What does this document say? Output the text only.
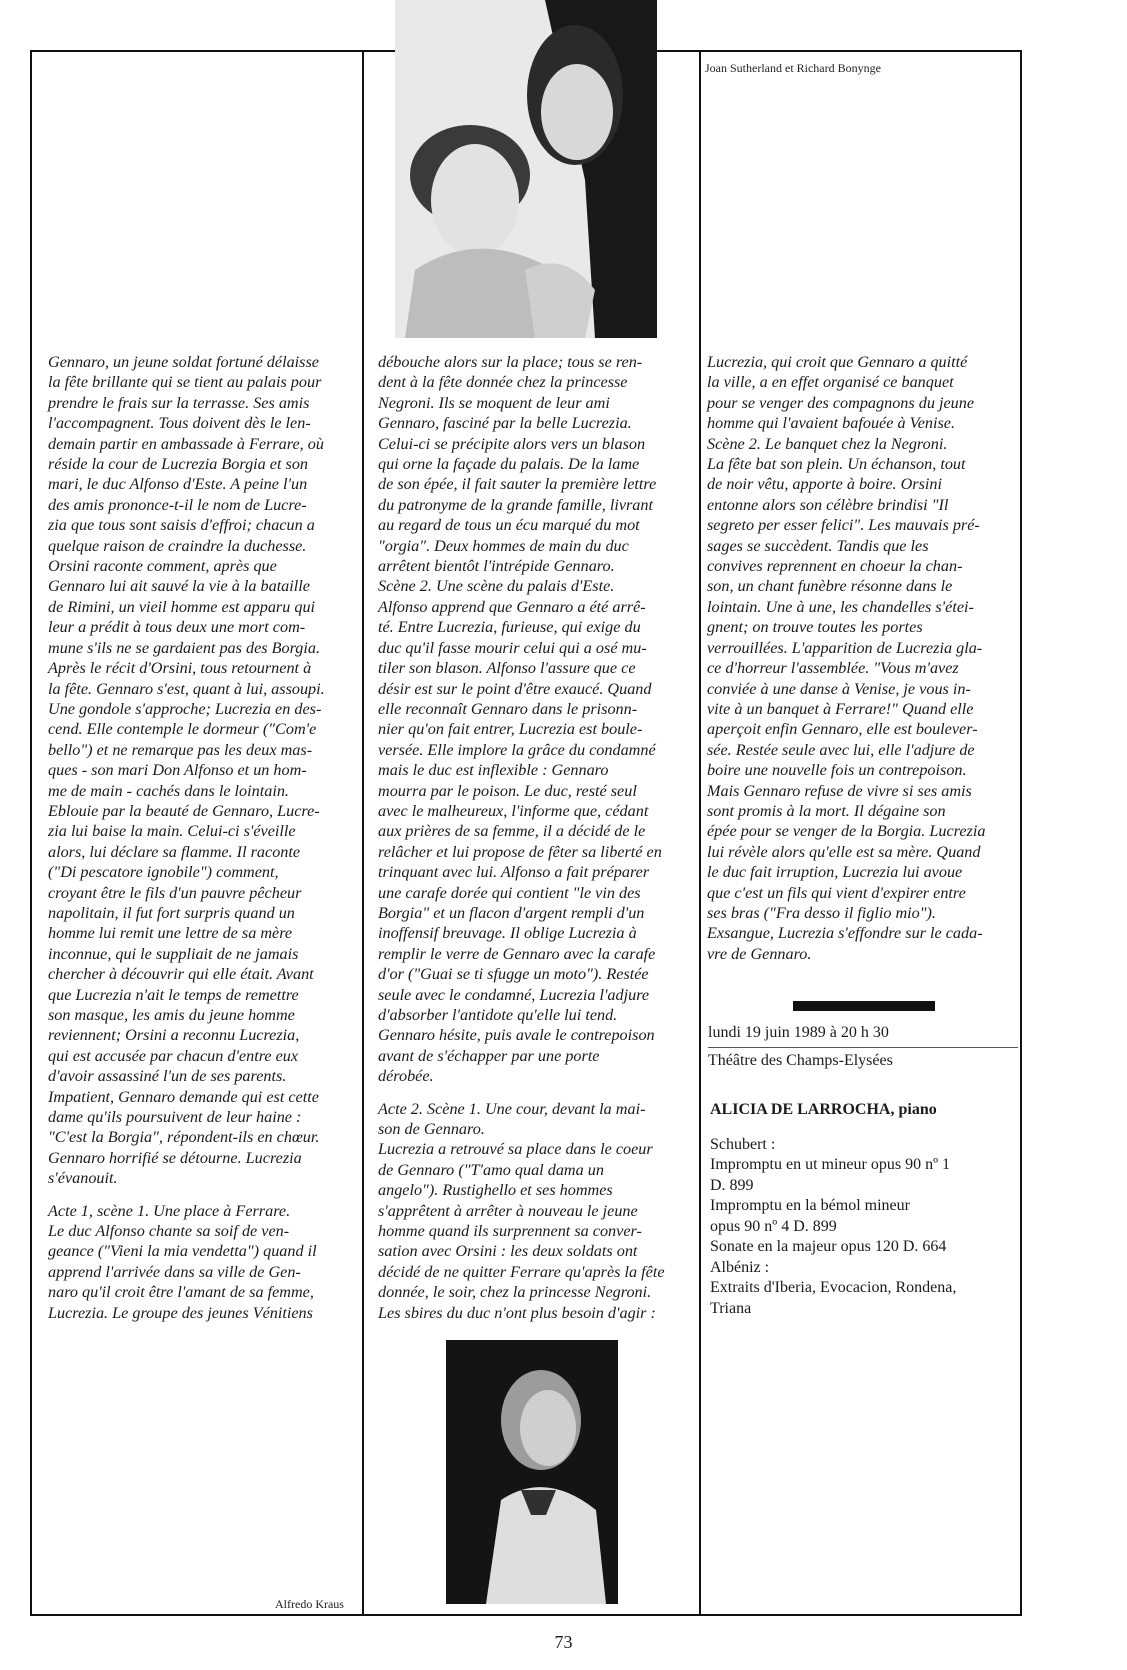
Joan Sutherland et Richard Bonynge

Gennaro, un jeune soldat fortuné délaisse
la fête brillante qui se tient au palais pour
prendre le frais sur la terrasse. Ses amis
l'accompagnent. Tous doivent dès le len-
demain partir en ambassade à Ferrare, où
réside la cour de Lucrezia Borgia et son
mari, le duc Alfonso d'Este. A peine l'un
des amis prononce-t-il le nom de Lucre-
zia que tous sont saisis d'effroi; chacun a
quelque raison de craindre la duchesse.
Orsini raconte comment, après que
Gennaro lui ait sauvé la vie à la bataille
de Rimini, un vieil homme est apparu qui
leur a prédit à tous deux une mort com-
mune s'ils ne se gardaient pas des Borgia.
Après le récit d'Orsini, tous retournent à
la fête. Gennaro s'est, quant à lui, assoupi.
Une gondole s'approche; Lucrezia en des-
cend. Elle contemple le dormeur ("Com'e
bello") et ne remarque pas les deux mas-
ques - son mari Don Alfonso et un hom-
me de main - cachés dans le lointain.
Eblouie par la beauté de Gennaro, Lucre-
zia lui baise la main. Celui-ci s'éveille
alors, lui déclare sa flamme. Il raconte
("Di pescatore ignobile") comment,
croyant être le fils d'un pauvre pêcheur
napolitain, il fut fort surpris quand un
homme lui remit une lettre de sa mère
inconnue, qui le suppliait de ne jamais
chercher à découvrir qui elle était. Avant
que Lucrezia n'ait le temps de remettre
son masque, les amis du jeune homme
reviennent; Orsini a reconnu Lucrezia,
qui est accusée par chacun d'entre eux
d'avoir assassiné l'un de ses parents.
Impatient, Gennaro demande qui est cette
dame qu'ils poursuivent de leur haine :
"C'est la Borgia", répondent-ils en chœur.
Gennaro horrifié se détourne. Lucrezia
s'évanouit.

Acte 1, scène 1. Une place à Ferrare.
Le duc Alfonso chante sa soif de ven-
geance ("Vieni la mia vendetta") quand il
apprend l'arrivée dans sa ville de Gen-
naro qu'il croit être l'amant de sa femme,
Lucrezia. Le groupe des jeunes Vénitiens

débouche alors sur la place; tous se ren-
dent à la fête donnée chez la princesse
Negroni. Ils se moquent de leur ami
Gennaro, fasciné par la belle Lucrezia.
Celui-ci se précipite alors vers un blason
qui orne la façade du palais. De la lame
de son épée, il fait sauter la première lettre
du patronyme de la grande famille, livrant
au regard de tous un écu marqué du mot
"orgia". Deux hommes de main du duc
arrêtent bientôt l'intrépide Gennaro.
Scène 2. Une scène du palais d'Este.
Alfonso apprend que Gennaro a été arrê-
té. Entre Lucrezia, furieuse, qui exige du
duc qu'il fasse mourir celui qui a osé mu-
tiler son blason. Alfonso l'assure que ce
désir est sur le point d'être exaucé. Quand
elle reconnaît Gennaro dans le prisonn-
nier qu'on fait entrer, Lucrezia est boule-
versée. Elle implore la grâce du condamné
mais le duc est inflexible : Gennaro
mourra par le poison. Le duc, resté seul
avec le malheureux, l'informe que, cédant
aux prières de sa femme, il a décidé de le
relâcher et lui propose de fêter sa liberté en
trinquant avec lui. Alfonso a fait préparer
une carafe dorée qui contient "le vin des
Borgia" et un flacon d'argent rempli d'un
inoffensif breuvage. Il oblige Lucrezia à
remplir le verre de Gennaro avec la carafe
d'or ("Guai se ti sfugge un moto"). Restée
seule avec le condamné, Lucrezia l'adjure
d'absorber l'antidote qu'elle lui tend.
Gennaro hésite, puis avale le contrepoison
avant de s'échapper par une porte
dérobée.

Acte 2. Scène 1. Une cour, devant la mai-
son de Gennaro.
Lucrezia a retrouvé sa place dans le coeur
de Gennaro ("T'amo qual dama un
angelo"). Rustighello et ses hommes
s'apprêtent à arrêter à nouveau le jeune
homme quand ils surprennent sa conver-
sation avec Orsini : les deux soldats ont
décidé de ne quitter Ferrare qu'après la fête
donnée, le soir, chez la princesse Negroni.
Les sbires du duc n'ont plus besoin d'agir :

Alfredo Kraus

Lucrezia, qui croit que Gennaro a quitté
la ville, a en effet organisé ce banquet
pour se venger des compagnons du jeune
homme qui l'avaient bafouée à Venise.
Scène 2. Le banquet chez la Negroni.
La fête bat son plein. Un échanson, tout
de noir vêtu, apporte à boire. Orsini
entonne alors son célèbre brindisi "Il
segreto per esser felici". Les mauvais pré-
sages se succèdent. Tandis que les
convives reprennent en choeur la chan-
son, un chant funèbre résonne dans le
lointain. Une à une, les chandelles s'étei-
gnent; on trouve toutes les portes
verrouillées. L'apparition de Lucrezia gla-
ce d'horreur l'assemblée. "Vous m'avez
conviée à une danse à Venise, je vous in-
vite à un banquet à Ferrare!" Quand elle
aperçoit enfin Gennaro, elle est boulever-
sée. Restée seule avec lui, elle l'adjure de
boire une nouvelle fois un contrepoison.
Mais Gennaro refuse de vivre si ses amis
sont promis à la mort. Il dégaine son
épée pour se venger de la Borgia. Lucrezia
lui révèle alors qu'elle est sa mère. Quand
le duc fait irruption, Lucrezia lui avoue
que c'est un fils qui vient d'expirer entre
ses bras ("Fra desso il figlio mio").
Exsangue, Lucrezia s'effondre sur le cada-
vre de Gennaro.

lundi 19 juin 1989 à 20 h 30
Théâtre des Champs-Elysées
ALICIA DE LARROCHA, piano
Schubert :
Impromptu en ut mineur opus 90 nº 1
D. 899
Impromptu en la bémol mineur
opus 90 nº 4 D. 899
Sonate en la majeur opus 120 D. 664
Albéniz :
Extraits d'Iberia, Evocacion, Rondena,
Triana
73
